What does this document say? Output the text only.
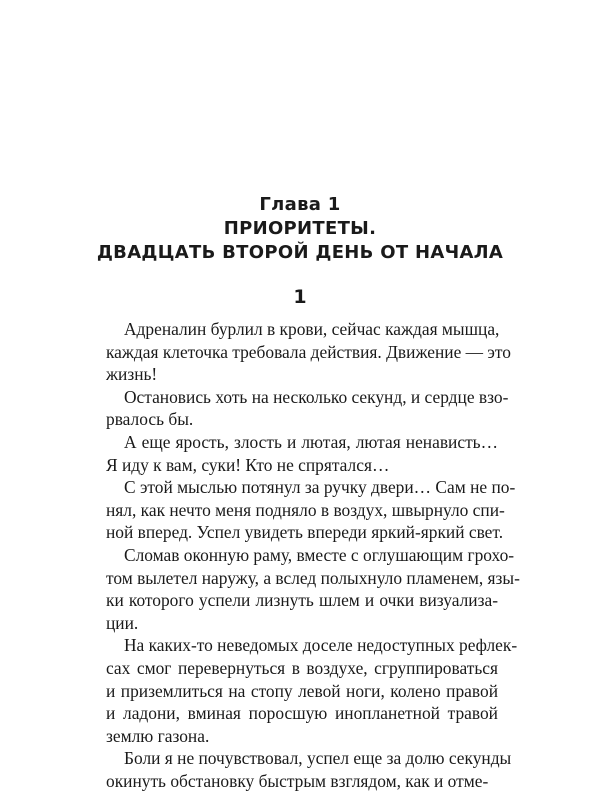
Глава 1
ПРИОРИТЕТЫ.
ДВАДЦАТЬ ВТОРОЙ ДЕНЬ ОТ НАЧАЛА
1
Адреналин бурлил в крови, сейчас каждая мышца,
каждая клеточка требовала действия. Движение — это
жизнь!
Остановись хоть на несколько секунд, и сердце взо-
рвалось бы.
А еще ярость, злость и лютая, лютая ненависть…
Я иду к вам, суки! Кто не спрятался…
С этой мыслью потянул за ручку двери… Сам не по-
нял, как нечто меня подняло в воздух, швырнуло спи-
ной вперед. Успел увидеть впереди яркий-яркий свет.
Сломав оконную раму, вместе с оглушающим грохо-
том вылетел наружу, а вслед полыхнуло пламенем, язы-
ки которого успели лизнуть шлем и очки визуализа-
ции.
На каких-то неведомых доселе недоступных рефлек-
сах смог перевернуться в воздухе, сгруппироваться
и приземлиться на стопу левой ноги, колено правой
и ладони, вминая поросшую инопланетной травой
землю газона.
Боли я не почувствовал, успел еще за долю секунды
окинуть обстановку быстрым взглядом, как и отме-
